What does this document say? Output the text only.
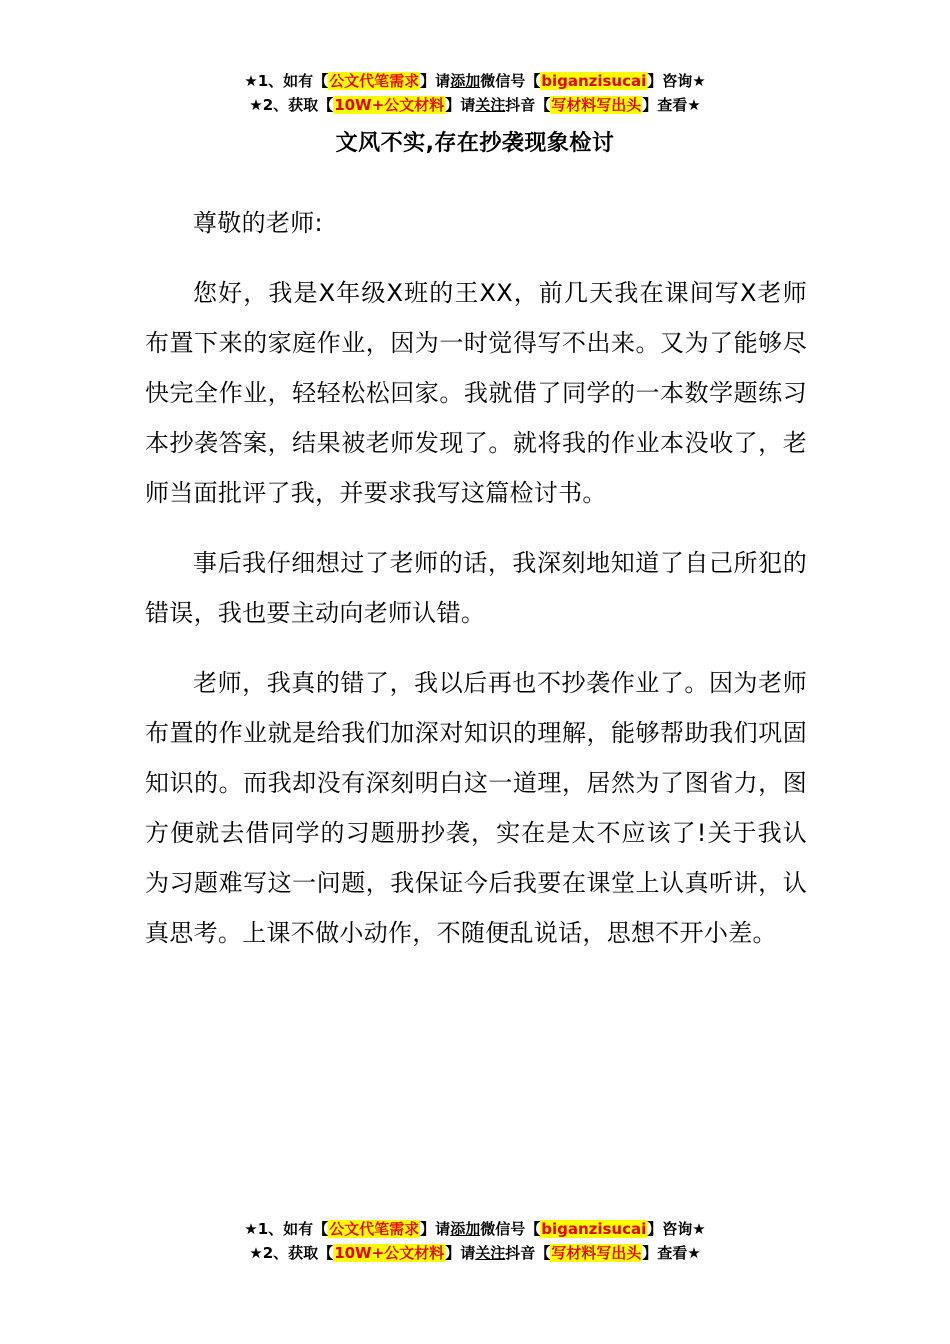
★1、如有【公文代笔需求】请添加微信号【biganzisucai】咨询★
★2、获取【10W+公文材料】请关注抖音【写材料写出头】查看★
文风不实,存在抄袭现象检讨

尊敬的老师:

您好，我是X年级X班的王XX，前几天我在课间写X老师布置下来的家庭作业，因为一时觉得写不出来。又为了能够尽快完全作业，轻轻松松回家。我就借了同学的一本数学题练习本抄袭答案，结果被老师发现了。就将我的作业本没收了，老师当面批评了我，并要求我写这篇检讨书。

事后我仔细想过了老师的话，我深刻地知道了自己所犯的错误，我也要主动向老师认错。

老师，我真的错了，我以后再也不抄袭作业了。因为老师布置的作业就是给我们加深对知识的理解，能够帮助我们巩固知识的。而我却没有深刻明白这一道理，居然为了图省力，图方便就去借同学的习题册抄袭，实在是太不应该了!关于我认为习题难写这一问题，我保证今后我要在课堂上认真听讲，认真思考。上课不做小动作，不随便乱说话，思想不开小差。

★1、如有【公文代笔需求】请添加微信号【biganzisucai】咨询★
★2、获取【10W+公文材料】请关注抖音【写材料写出头】查看★
